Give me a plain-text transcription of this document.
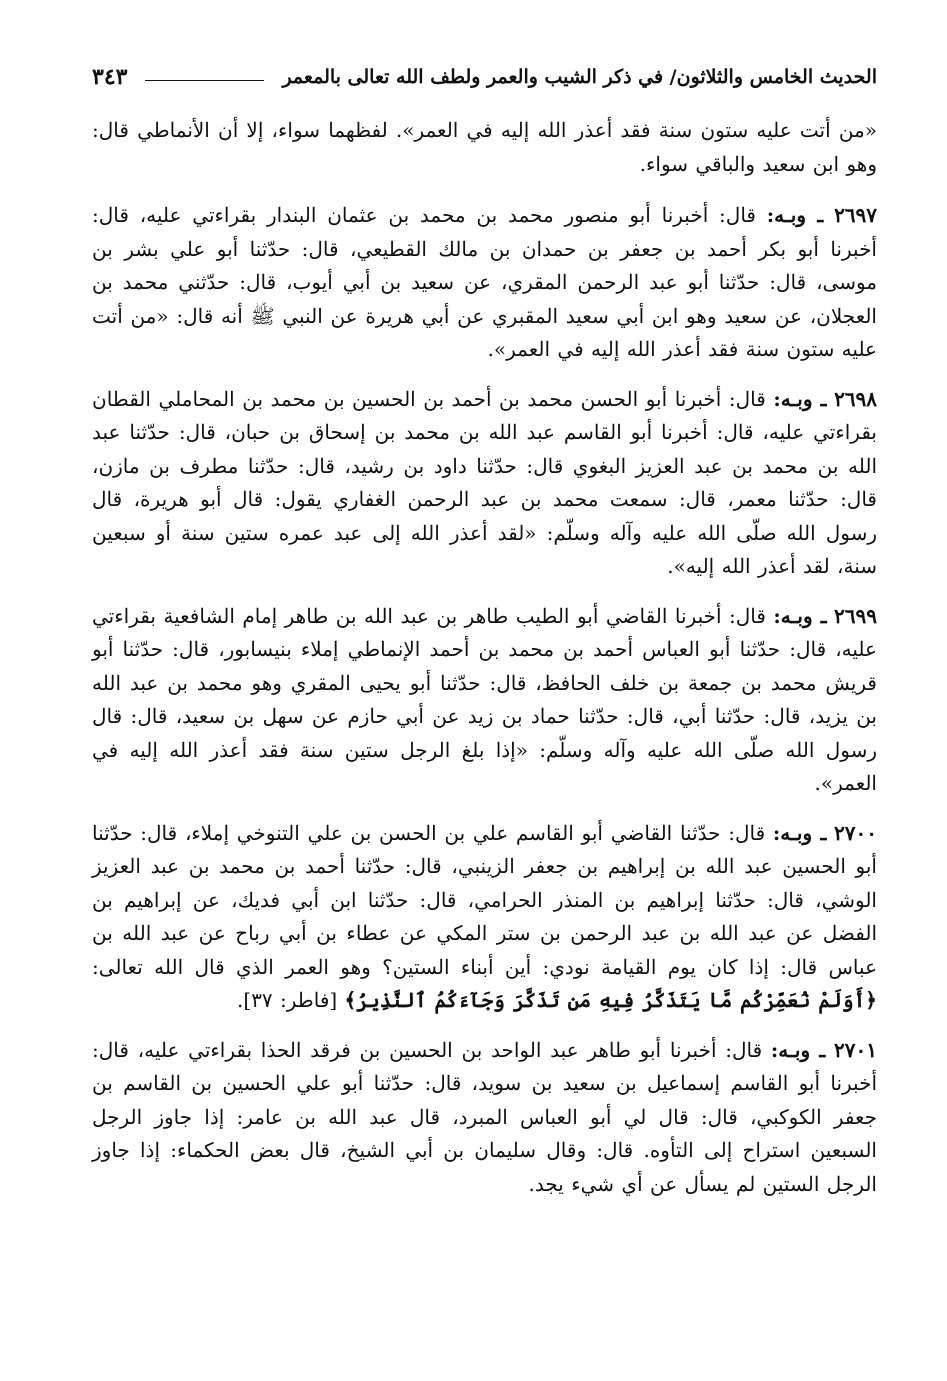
الحديث الخامس والثلاثون/ في ذكر الشيب والعمر ولطف الله تعالى بالمعمر
٣٤٣

«من أتت عليه ستون سنة فقد أعذر الله إليه في العمر». لفظهما سواء، إلا أن الأنماطي قال: وهو ابن سعيد والباقي سواء.

٢٦٩٧ ـ وبـه: قال: أخبرنا أبو منصور محمد بن محمد بن عثمان البندار بقراءتي عليه، قال: أخبرنا أبو بكر أحمد بن جعفر بن حمدان بن مالك القطيعي، قال: حدّثنا أبو علي بشر بن موسى، قال: حدّثنا أبو عبد الرحمن المقري، عن سعيد بن أبي أيوب، قال: حدّثني محمد بن العجلان، عن سعيد وهو ابن أبي سعيد المقبري عن أبي هريرة عن النبي ﷺ أنه قال: «من أتت عليه ستون سنة فقد أعذر الله إليه في العمر».

٢٦٩٨ ـ وبـه: قال: أخبرنا أبو الحسن محمد بن أحمد بن الحسين بن محمد بن المحاملي القطان بقراءتي عليه، قال: أخبرنا أبو القاسم عبد الله بن محمد بن إسحاق بن حبان، قال: حدّثنا عبد الله بن محمد بن عبد العزيز البغوي قال: حدّثنا داود بن رشيد، قال: حدّثنا مطرف بن مازن، قال: حدّثنا معمر، قال: سمعت محمد بن عبد الرحمن الغفاري يقول: قال أبو هريرة، قال رسول الله صلّى الله عليه وآله وسلّم: «لقد أعذر الله إلى عبد عمره ستين سنة أو سبعين سنة، لقد أعذر الله إليه».

٢٦٩٩ ـ وبـه: قال: أخبرنا القاضي أبو الطيب طاهر بن عبد الله بن طاهر إمام الشافعية بقراءتي عليه، قال: حدّثنا أبو العباس أحمد بن محمد بن أحمد الإنماطي إملاء بنيسابور، قال: حدّثنا أبو قريش محمد بن جمعة بن خلف الحافظ، قال: حدّثنا أبو يحيى المقري وهو محمد بن عبد الله بن يزيد، قال: حدّثنا أبي، قال: حدّثنا حماد بن زيد عن أبي حازم عن سهل بن سعيد، قال: قال رسول الله صلّى الله عليه وآله وسلّم: «إذا بلغ الرجل ستين سنة فقد أعذر الله إليه في العمر».

٢٧٠٠ ـ وبـه: قال: حدّثنا القاضي أبو القاسم علي بن الحسن بن علي التنوخي إملاء، قال: حدّثنا أبو الحسين عبد الله بن إبراهيم بن جعفر الزينبي، قال: حدّثنا أحمد بن محمد بن عبد العزيز الوشي، قال: حدّثنا إبراهيم بن المنذر الحرامي، قال: حدّثنا ابن أبي فديك، عن إبراهيم بن الفضل عن عبد الله بن عبد الرحمن بن ستر المكي عن عطاء بن أبي رباح عن عبد الله بن عباس قال: إذا كان يوم القيامة نودي: أين أبناء الستين؟ وهو العمر الذي قال الله تعالى: ﴿أَوَلَمْ نُعَمِّرْكُم مَّا يَتَذَكَّرُ فِيهِ مَن تَذَكَّرَ وَجَآءَكُمُ ٱلنَّذِيرُ﴾ [فاطر: ٣٧].

٢٧٠١ ـ وبـه: قال: أخبرنا أبو طاهر عبد الواحد بن الحسين بن فرقد الحذا بقراءتي عليه، قال: أخبرنا أبو القاسم إسماعيل بن سعيد بن سويد، قال: حدّثنا أبو علي الحسين بن القاسم بن جعفر الكوكبي، قال: قال لي أبو العباس المبرد، قال عبد الله بن عامر: إذا جاوز الرجل السبعين استراح إلى التأوه. قال: وقال سليمان بن أبي الشيخ، قال بعض الحكماء: إذا جاوز الرجل الستين لم يسأل عن أي شيء يجد.
